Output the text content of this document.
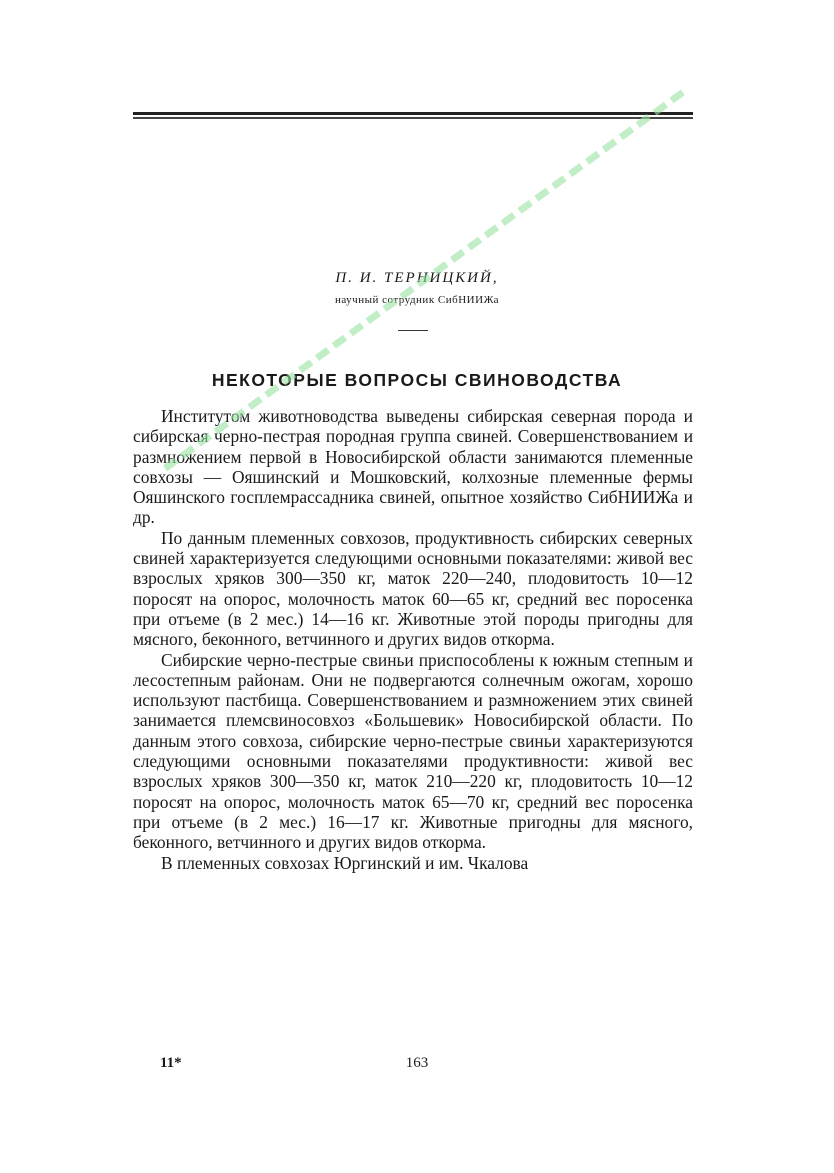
П. И. ТЕРНИЦКИЙ,
научный сотрудник СибНИИЖа
НЕКОТОРЫЕ ВОПРОСЫ СВИНОВОДСТВА

Институтом животноводства выведены сибирская северная порода и сибирская черно-пестрая породная группа свиней. Совершенствованием и размножением первой в Новосибирской области занимаются племенные совхозы — Ояшинский и Мошковский, колхозные племенные фермы Ояшинского госплемрассадника свиней, опытное хозяйство СибНИИЖа и др.

По данным племенных совхозов, продуктивность сибирских северных свиней характеризуется следующими основными показателями: живой вес взрослых хряков 300—350 кг, маток 220—240, плодовитость 10—12 поросят на опорос, молочность маток 60—65 кг, средний вес поросенка при отъеме (в 2 мес.) 14—16 кг. Животные этой породы пригодны для мясного, беконного, ветчинного и других видов откорма.

Сибирские черно-пестрые свиньи приспособлены к южным степным и лесостепным районам. Они не подвергаются солнечным ожогам, хорошо используют пастбища. Совершенствованием и размножением этих свиней занимается племсвиносовхоз «Большевик» Новосибирской области. По данным этого совхоза, сибирские черно-пестрые свиньи характеризуются следующими основными показателями продуктивности: живой вес взрослых хряков 300—350 кг, маток 210—220 кг, плодовитость 10—12 поросят на опорос, молочность маток 65—70 кг, средний вес поросенка при отъеме (в 2 мес.) 16—17 кг. Животные пригодны для мясного, беконного, ветчинного и других видов откорма.

В племенных совхозах Юргинский и им. Чкалова

11*	163
